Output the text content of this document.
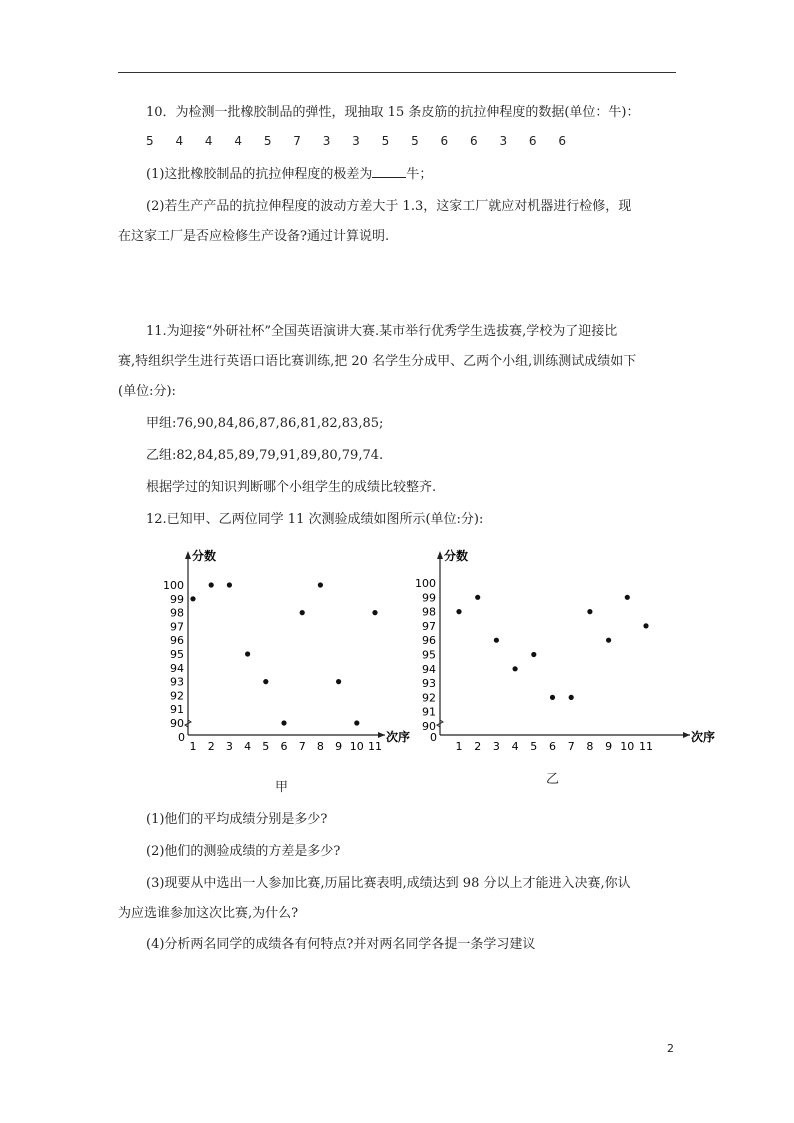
10．为检测一批橡胶制品的弹性，现抽取 15 条皮筋的抗拉伸程度的数据(单位：牛)：
5 4 4 4 5 7 3 3 5 5 6 6 3 6 6
(1)这批橡胶制品的抗拉伸程度的极差为	牛；
(2)若生产产品的抗拉伸程度的波动方差大于 1.3，这家工厂就应对机器进行检修，现
在这家工厂是否应检修生产设备?通过计算说明.
11.为迎接“外研社杯”全国英语演讲大赛.某市举行优秀学生选拔赛,学校为了迎接比
赛,特组织学生进行英语口语比赛训练,把 20 名学生分成甲、乙两个小组,训练测试成绩如下
(单位:分):
甲组:76,90,84,86,87,86,81,82,83,85;
乙组:82,84,85,89,79,91,89,80,79,74.
根据学过的知识判断哪个小组学生的成绩比较整齐.
12.已知甲、乙两位同学 11 次测验成绩如图所示(单位:分):
分数
次序
0
90
91
92
93
94
95
96
97
98
99
100
1 2 3 4 5 6 7 8 9 10 11
分数
次序
0
90
91
92
93
94
95
96
97
98
99
100
1 2 3 4 5 6 7 8 9 10 11
甲
乙
(1)他们的平均成绩分别是多少?
(2)他们的测验成绩的方差是多少?
(3)现要从中选出一人参加比赛,历届比赛表明,成绩达到 98 分以上才能进入决赛,你认
为应选谁参加这次比赛,为什么?
(4)分析两名同学的成绩各有何特点?并对两名同学各提一条学习建议
2
